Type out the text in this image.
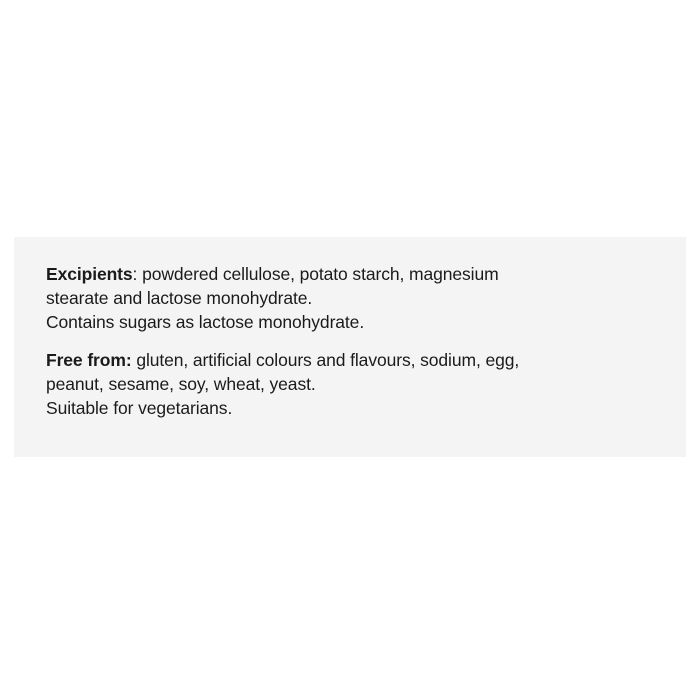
Excipients: powdered cellulose, potato starch, magnesium
stearate and lactose monohydrate.

Contains sugars as lactose monohydrate.

Free from: gluten, artificial colours and flavours, sodium, egg,
peanut, sesame, soy, wheat, yeast.

Suitable for vegetarians.
